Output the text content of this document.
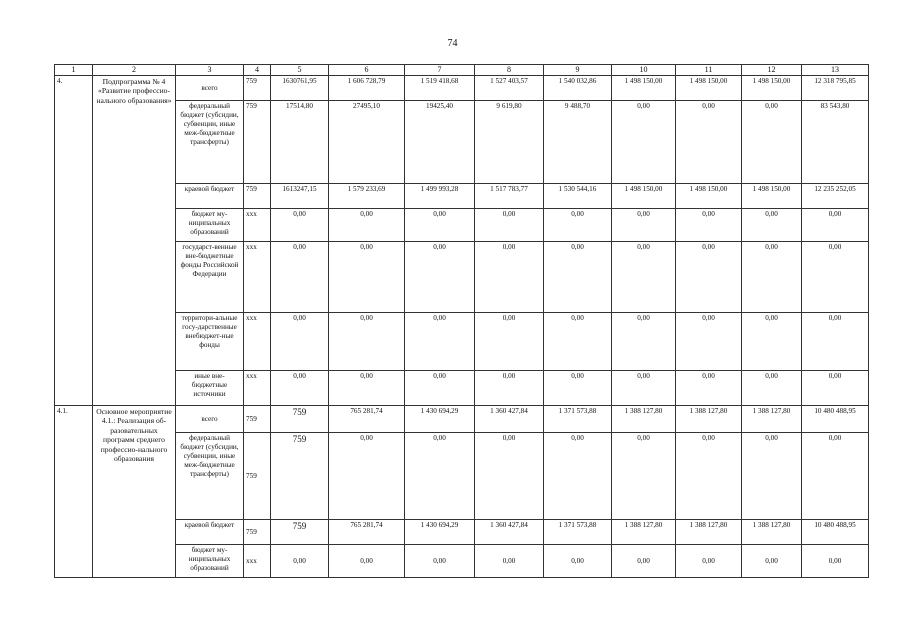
74
1	2	3	4	5	6	7	8	9	10	11	12	13
4.	Подпрограмма № 4 «Развитие профессио-нального образования»	всего	759	1630761,95	1 606 728,79	1 519 418,68	1 527 403,57	1 540 032,86	1 498 150,00	1 498 150,00	1 498 150,00	12 318 795,85
		федеральный бюджет (субсидии, субвенции, иные меж-бюджетные трансферты)	759	17514,80	27495,10	19425,40	9 619,80	9 488,70	0,00	0,00	0,00	83 543,80
		краевой бюджет	759	1613247,15	1 579 233,69	1 499 993,28	1 517 783,77	1 530 544,16	1 498 150,00	1 498 150,00	1 498 150,00	12 235 252,05
		бюджет му-ниципальных образований	xxx	0,00	0,00	0,00	0,00	0,00	0,00	0,00	0,00	0,00
		государст-венные вне-бюджетные фонды Российской Федерации	xxx	0,00	0,00	0,00	0,00	0,00	0,00	0,00	0,00	0,00
		территори-альные госу-дарственные внебюджет-ные фонды	xxx	0,00	0,00	0,00	0,00	0,00	0,00	0,00	0,00	0,00
		иные вне-бюджетные источники	xxx	0,00	0,00	0,00	0,00	0,00	0,00	0,00	0,00	0,00
4.1.	Основное мероприятие 4.1.: Реализация об-разовательных программ среднего профессио-нального образования	всего	759	759	765 281,74	1 430 694,29	1 360 427,84	1 371 573,88	1 388 127,80	1 388 127,80	1 388 127,80	10 480 488,95
		федеральный бюджет (субсидии, субвенции, иные меж-бюджетные трансферты)	759	759	0,00	0,00	0,00	0,00	0,00	0,00	0,00	0,00
		краевой бюджет	759	759	765 281,74	1 430 694,29	1 360 427,84	1 371 573,88	1 388 127,80	1 388 127,80	1 388 127,80	10 480 488,95
		бюджет му-ниципальных образований	xxx	0,00	0,00	0,00	0,00	0,00	0,00	0,00	0,00	0,00
